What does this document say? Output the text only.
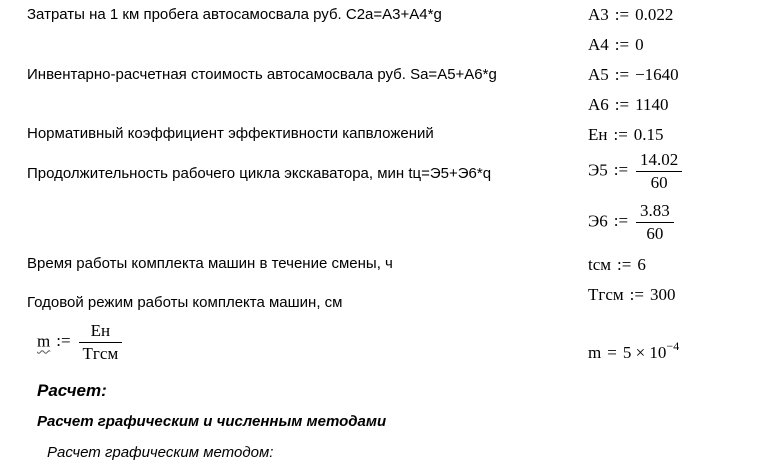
Затраты на 1 км пробега автосамосвала руб. C2a=A3+A4*g
Инвентарно-расчетная стоимость автосамосвала руб. Sa=A5+A6*g
Нормативный коэффициент эффективности капвложений
Продолжительность рабочего цикла экскаватора, мин tц=Э5+Э6*q
Время работы комплекта машин в течение смены, ч
Годовой режим работы комплекта машин, см
A3 := 0.022
A4 := 0
A5 := −1640
A6 := 1140
Eн := 0.15
Э5 := $\frac{14.02}{60}$
Э6 := $\frac{3.83}{60}$
tcм := 6
Tгсм := 300
m := $\frac{Eн}{\text{Tгсм}}$	$m = 5 \times 10^{-4}$
Расчет:
Расчет графическим и численным методами
Расчет графическим методом:
